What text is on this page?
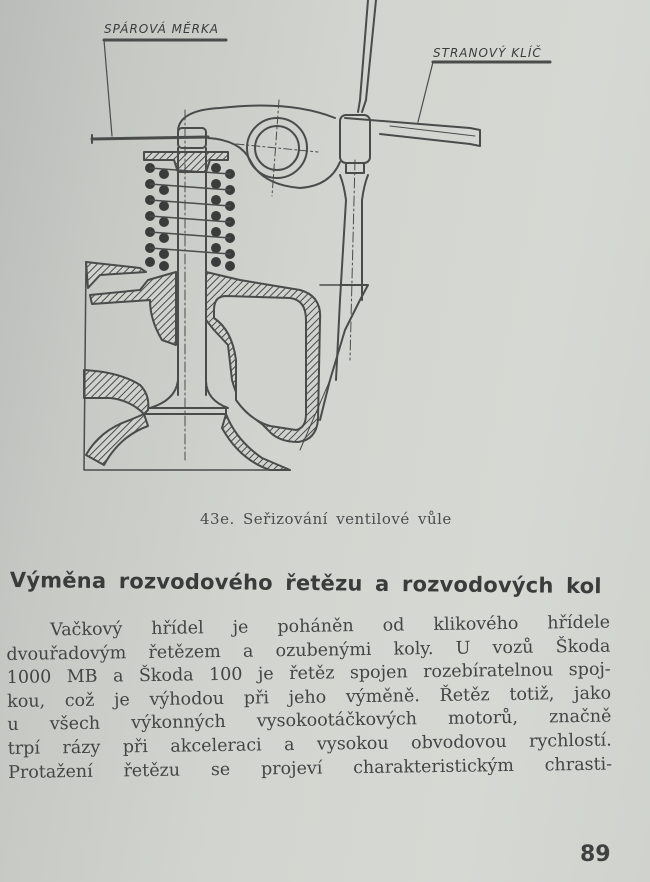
SPÁROVÁ MĚRKA
STRANOVÝ KLÍČ
43e. Seřizování ventilové vůle
Výměna rozvodového řetězu a rozvodových kol
Vačkový hřídel je poháněn od klikového hřídele
dvouřadovým řetězem a ozubenými koly. U vozů Škoda
1000 MB a Škoda 100 je řetěz spojen rozebíratelnou spoj-
kou, což je výhodou při jeho výměně. Řetěz totiž, jako
u všech výkonných vysokootáčkových motorů, značně
trpí rázy při akceleraci a vysokou obvodovou rychlostí.
Protažení řetězu se projeví charakteristickým chrasti-
89
